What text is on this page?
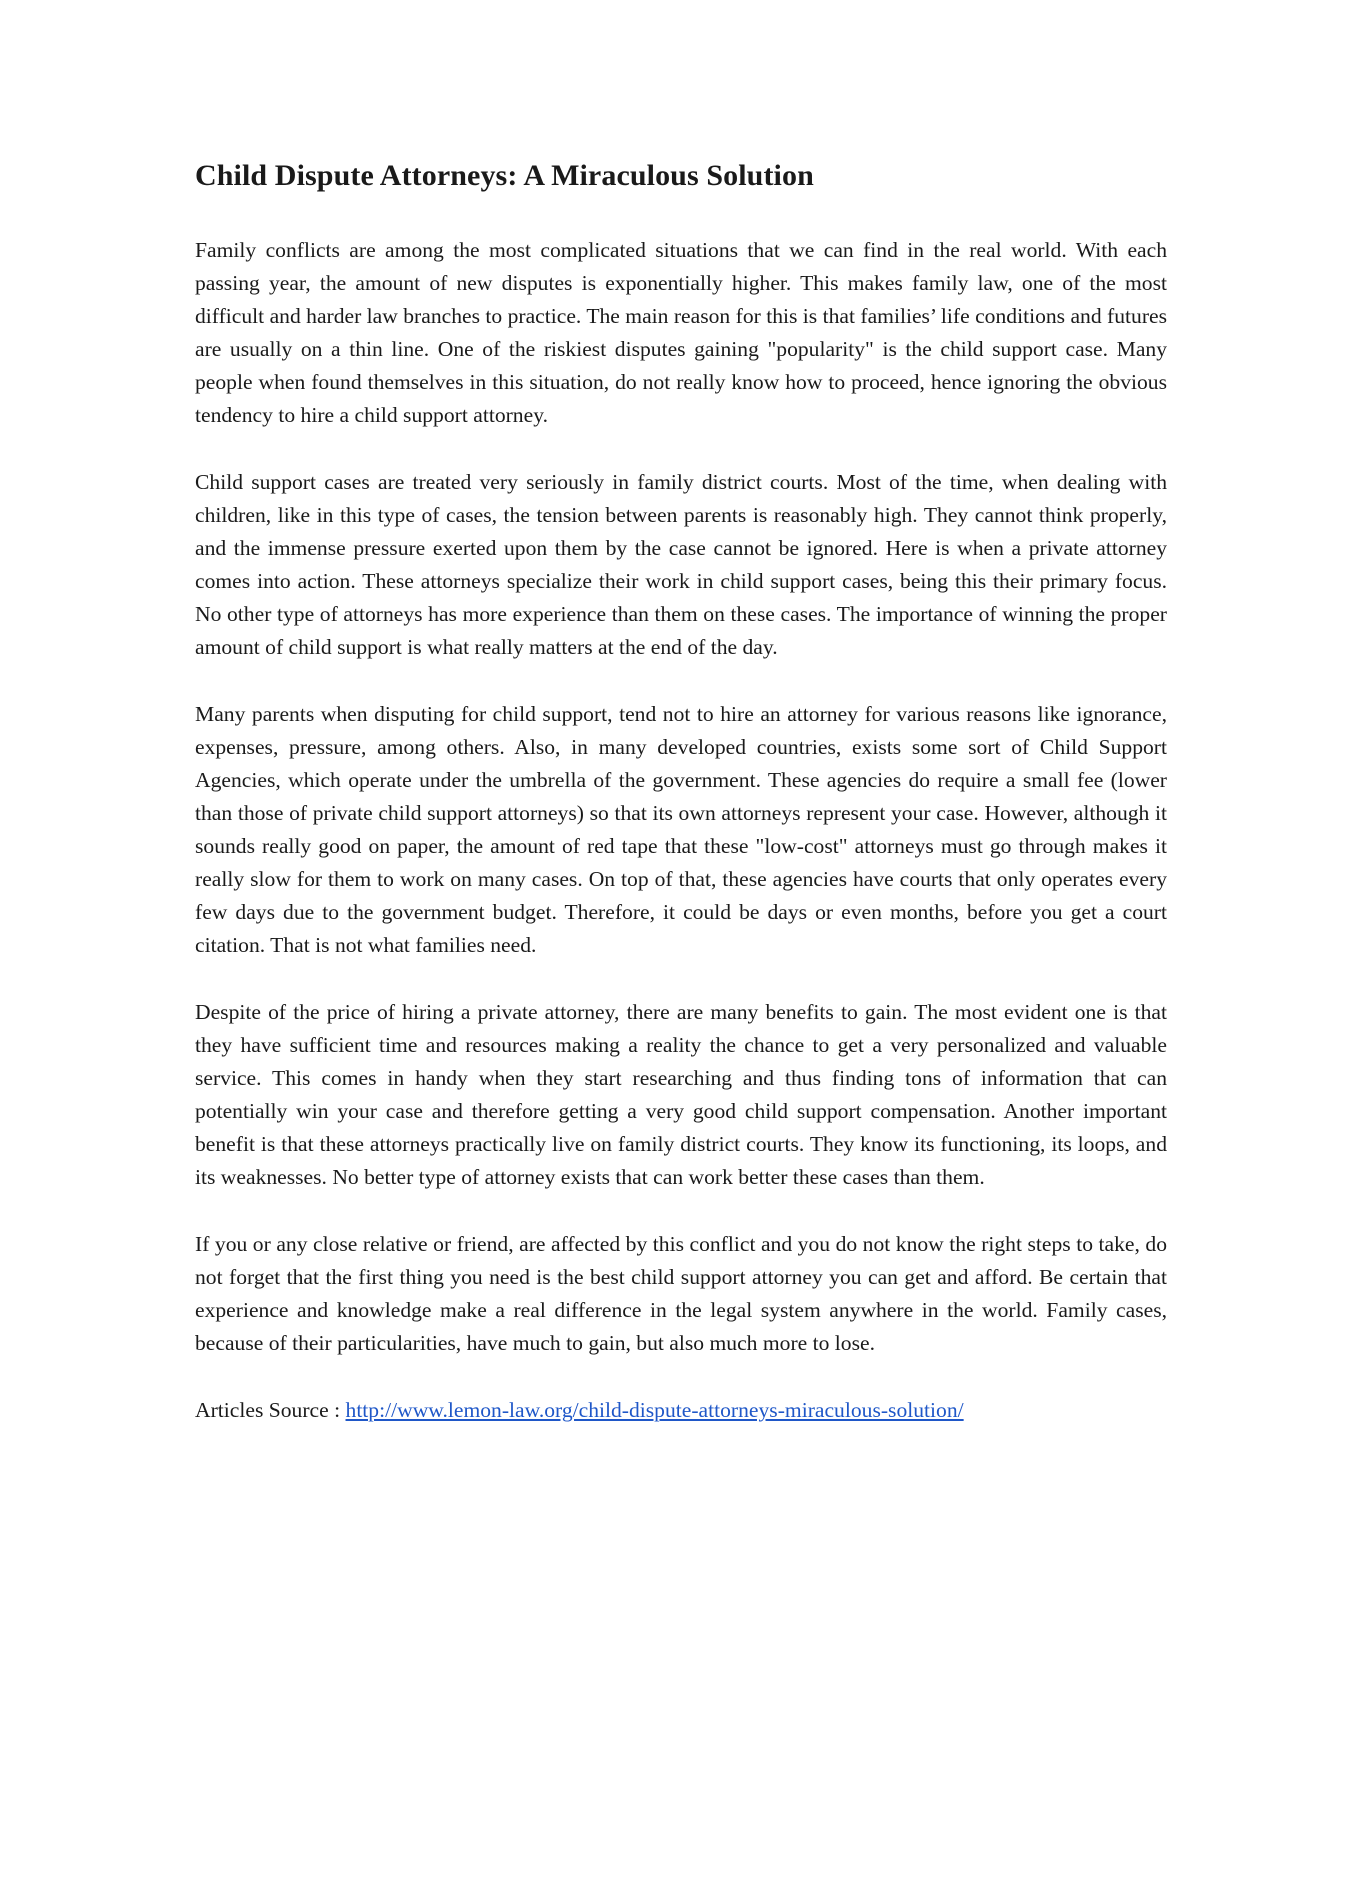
Child Dispute Attorneys: A Miraculous Solution

Family conflicts are among the most complicated situations that we can find in the real world. With each passing year, the amount of new disputes is exponentially higher. This makes family law, one of the most difficult and harder law branches to practice. The main reason for this is that families’ life conditions and futures are usually on a thin line. One of the riskiest disputes gaining "popularity" is the child support case. Many people when found themselves in this situation, do not really know how to proceed, hence ignoring the obvious tendency to hire a child support attorney.

Child support cases are treated very seriously in family district courts. Most of the time, when dealing with children, like in this type of cases, the tension between parents is reasonably high. They cannot think properly, and the immense pressure exerted upon them by the case cannot be ignored. Here is when a private attorney comes into action. These attorneys specialize their work in child support cases, being this their primary focus. No other type of attorneys has more experience than them on these cases. The importance of winning the proper amount of child support is what really matters at the end of the day.

Many parents when disputing for child support, tend not to hire an attorney for various reasons like ignorance, expenses, pressure, among others. Also, in many developed countries, exists some sort of Child Support Agencies, which operate under the umbrella of the government. These agencies do require a small fee (lower than those of private child support attorneys) so that its own attorneys represent your case. However, although it sounds really good on paper, the amount of red tape that these "low-cost" attorneys must go through makes it really slow for them to work on many cases. On top of that, these agencies have courts that only operates every few days due to the government budget. Therefore, it could be days or even months, before you get a court citation. That is not what families need.

Despite of the price of hiring a private attorney, there are many benefits to gain. The most evident one is that they have sufficient time and resources making a reality the chance to get a very personalized and valuable service. This comes in handy when they start researching and thus finding tons of information that can potentially win your case and therefore getting a very good child support compensation. Another important benefit is that these attorneys practically live on family district courts. They know its functioning, its loops, and its weaknesses. No better type of attorney exists that can work better these cases than them.

If you or any close relative or friend, are affected by this conflict and you do not know the right steps to take, do not forget that the first thing you need is the best child support attorney you can get and afford. Be certain that experience and knowledge make a real difference in the legal system anywhere in the world. Family cases, because of their particularities, have much to gain, but also much more to lose.

Articles Source : http://www.lemon-law.org/child-dispute-attorneys-miraculous-solution/
